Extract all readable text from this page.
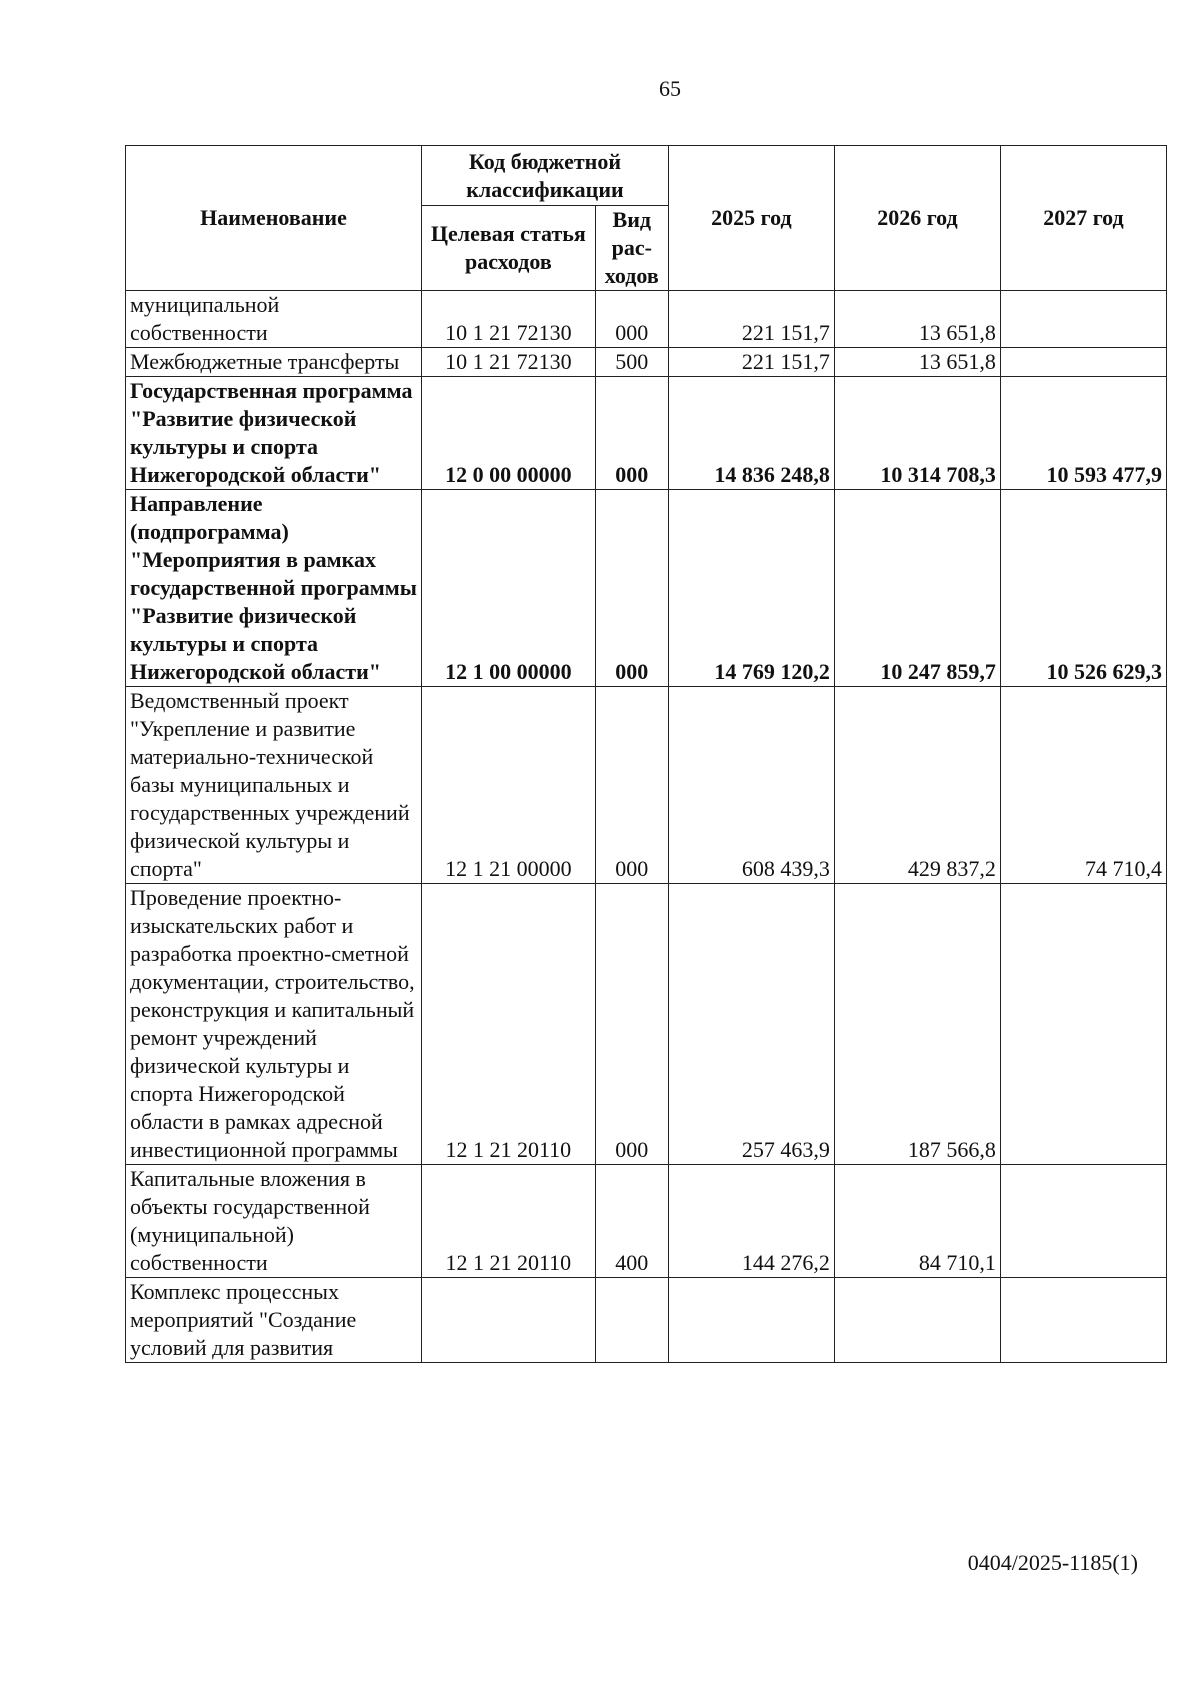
65
Наименование	Код бюджетной классификации		2025 год	2026 год	2027 год
	Целевая статья расходов	Вид рас-ходов			
муниципальной собственности	10 1 21 72130	000	221 151,7	13 651,8	
Межбюджетные трансферты	10 1 21 72130	500	221 151,7	13 651,8	
Государственная программа "Развитие физической культуры и спорта Нижегородской области"	12 0 00 00000	000	14 836 248,8	10 314 708,3	10 593 477,9
Направление (подпрограмма) "Мероприятия в рамках государственной программы "Развитие физической культуры и спорта Нижегородской области"	12 1 00 00000	000	14 769 120,2	10 247 859,7	10 526 629,3
Ведомственный проект "Укрепление и развитие материально-технической базы муниципальных и государственных учреждений физической культуры и спорта"	12 1 21 00000	000	608 439,3	429 837,2	74 710,4
Проведение проектно-изыскательских работ и разработка проектно-сметной документации, строительство, реконструкция и капитальный ремонт учреждений физической культуры и спорта Нижегородской области в рамках адресной инвестиционной программы	12 1 21 20110	000	257 463,9	187 566,8	
Капитальные вложения в объекты государственной (муниципальной) собственности	12 1 21 20110	400	144 276,2	84 710,1	
Комплекс процессных мероприятий "Создание условий для развития					
0404/2025-1185(1)
